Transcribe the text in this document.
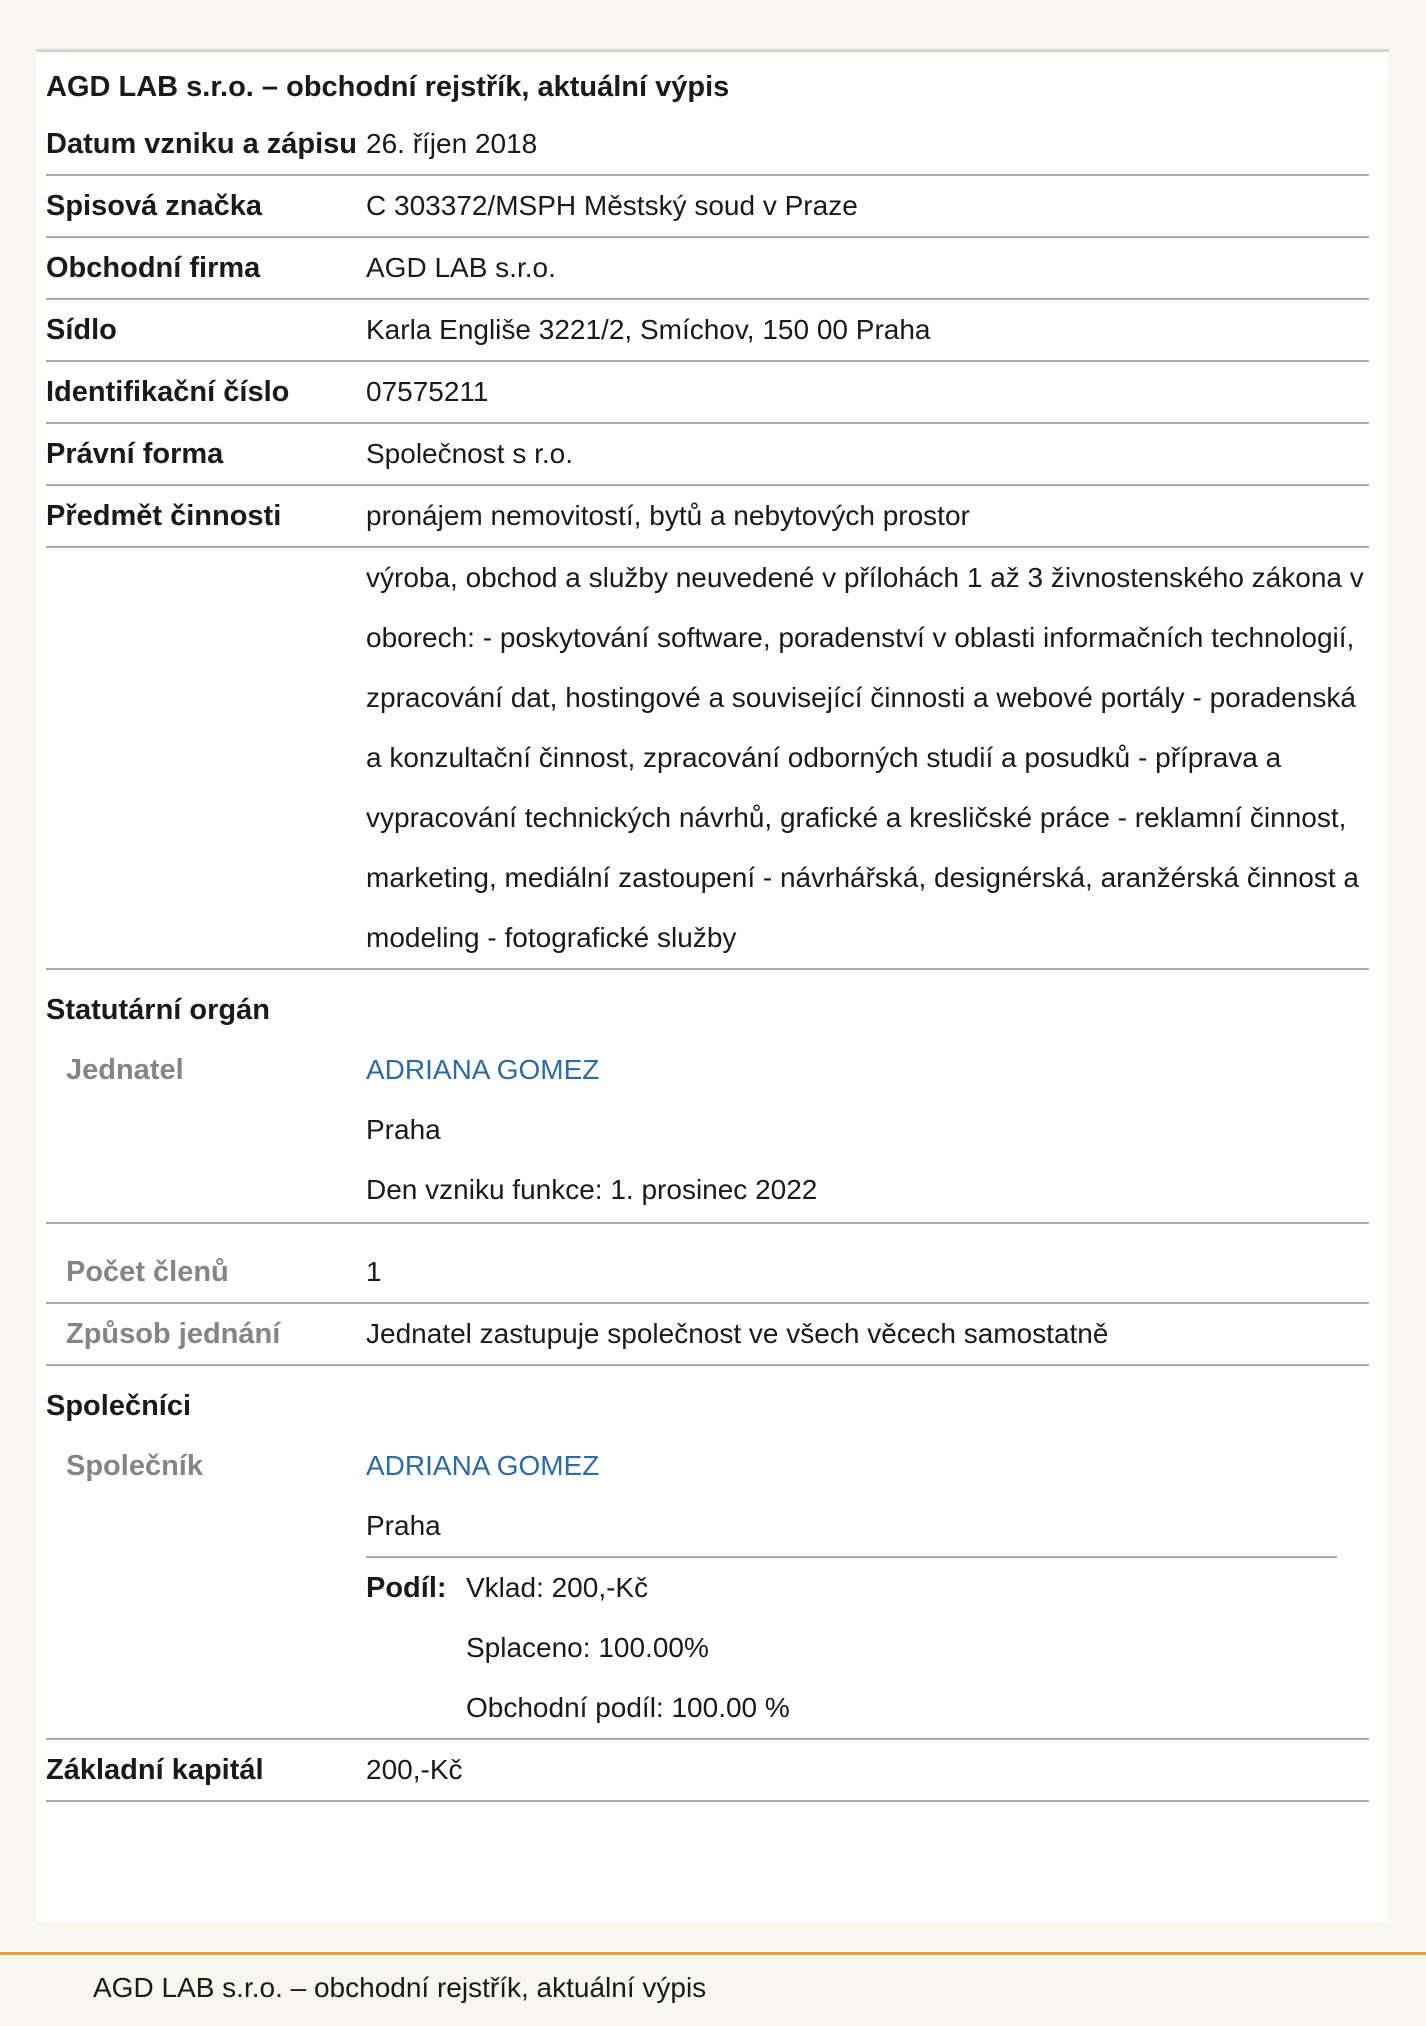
AGD LAB s.r.o. – obchodní rejstřík, aktuální výpis
Datum vzniku a zápisu 26. říjen 2018
Spisová značka	C 303372/MSPH Městský soud v Praze
Obchodní firma	AGD LAB s.r.o.
Sídlo	Karla Engliše 3221/2, Smíchov, 150 00 Praha
Identifikační číslo	07575211
Právní forma	Společnost s r.o.
Předmět činnosti	pronájem nemovitostí, bytů a nebytových prostor
výroba, obchod a služby neuvedené v přílohách 1 až 3 živnostenského zákona v oborech: - poskytování software, poradenství v oblasti informačních technologií, zpracování dat, hostingové a související činnosti a webové portály - poradenská a konzultační činnost, zpracování odborných studií a posudků - příprava a vypracování technických návrhů, grafické a kresličské práce - reklamní činnost, marketing, mediální zastoupení - návrhářská, designérská, aranžérská činnost a modeling - fotografické služby
Statutární orgán
Jednatel	ADRIANA GOMEZ
Praha
Den vzniku funkce: 1. prosinec 2022
Počet členů	1
Způsob jednání	Jednatel zastupuje společnost ve všech věcech samostatně
Společníci
Společník	ADRIANA GOMEZ
Praha
Podíl: Vklad: 200,-Kč
Splaceno: 100.00%
Obchodní podíl: 100.00 %
Základní kapitál	200,-Kč
AGD LAB s.r.o. – obchodní rejstřík, aktuální výpis
